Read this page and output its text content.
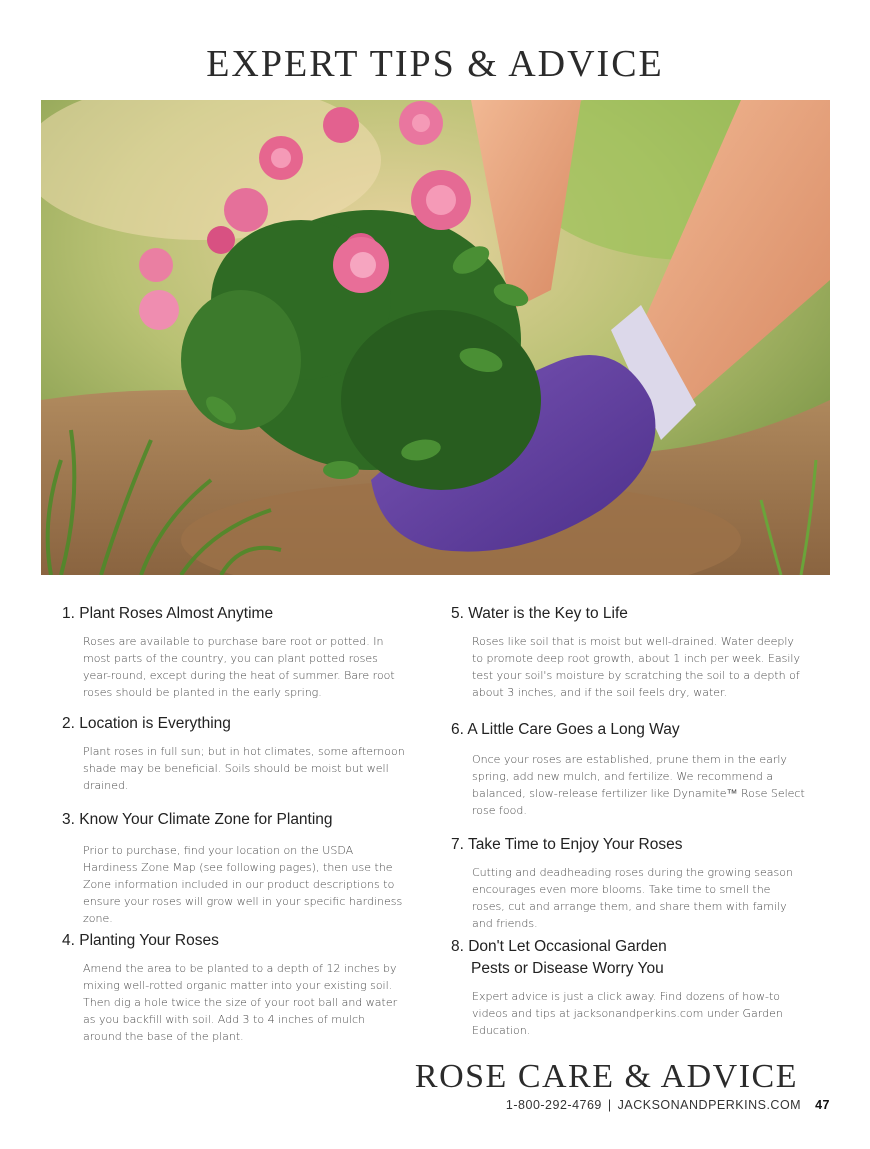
EXPERT TIPS & ADVICE
1. Plant Roses Almost Anytime

Roses are available to purchase bare root or potted. In most parts of the country, you can plant potted roses year-round, except during the heat of summer. Bare root roses should be planted in the early spring.

2. Location is Everything

Plant roses in full sun; but in hot climates, some afternoon shade may be beneficial. Soils should be moist but well drained.

3. Know Your Climate Zone for Planting

Prior to purchase, find your location on the USDA Hardiness Zone Map (see following pages), then use the Zone information included in our product descriptions to ensure your roses will grow well in your specific hardiness zone.

4. Planting Your Roses

Amend the area to be planted to a depth of 12 inches by mixing well-rotted organic matter into your existing soil. Then dig a hole twice the size of your root ball and water as you backfill with soil. Add 3 to 4 inches of mulch around the base of the plant.

5. Water is the Key to Life

Roses like soil that is moist but well-drained. Water deeply to promote deep root growth, about 1 inch per week. Easily test your soil's moisture by scratching the soil to a depth of about 3 inches, and if the soil feels dry, water.

6. A Little Care Goes a Long Way

Once your roses are established, prune them in the early spring, add new mulch, and fertilize. We recommend a balanced, slow-release fertilizer like Dynamite™ Rose Select rose food.

7. Take Time to Enjoy Your Roses

Cutting and deadheading roses during the growing season encourages even more blooms. Take time to smell the roses, cut and arrange them, and share them with family and friends.

8. Don't Let Occasional Garden
Pests or Disease Worry You

Expert advice is just a click away. Find dozens of how-to videos and tips at jacksonandperkins.com under Garden Education.

ROSE CARE & ADVICE
1-800-292-4769 | JACKSONANDPERKINS.COM 47
